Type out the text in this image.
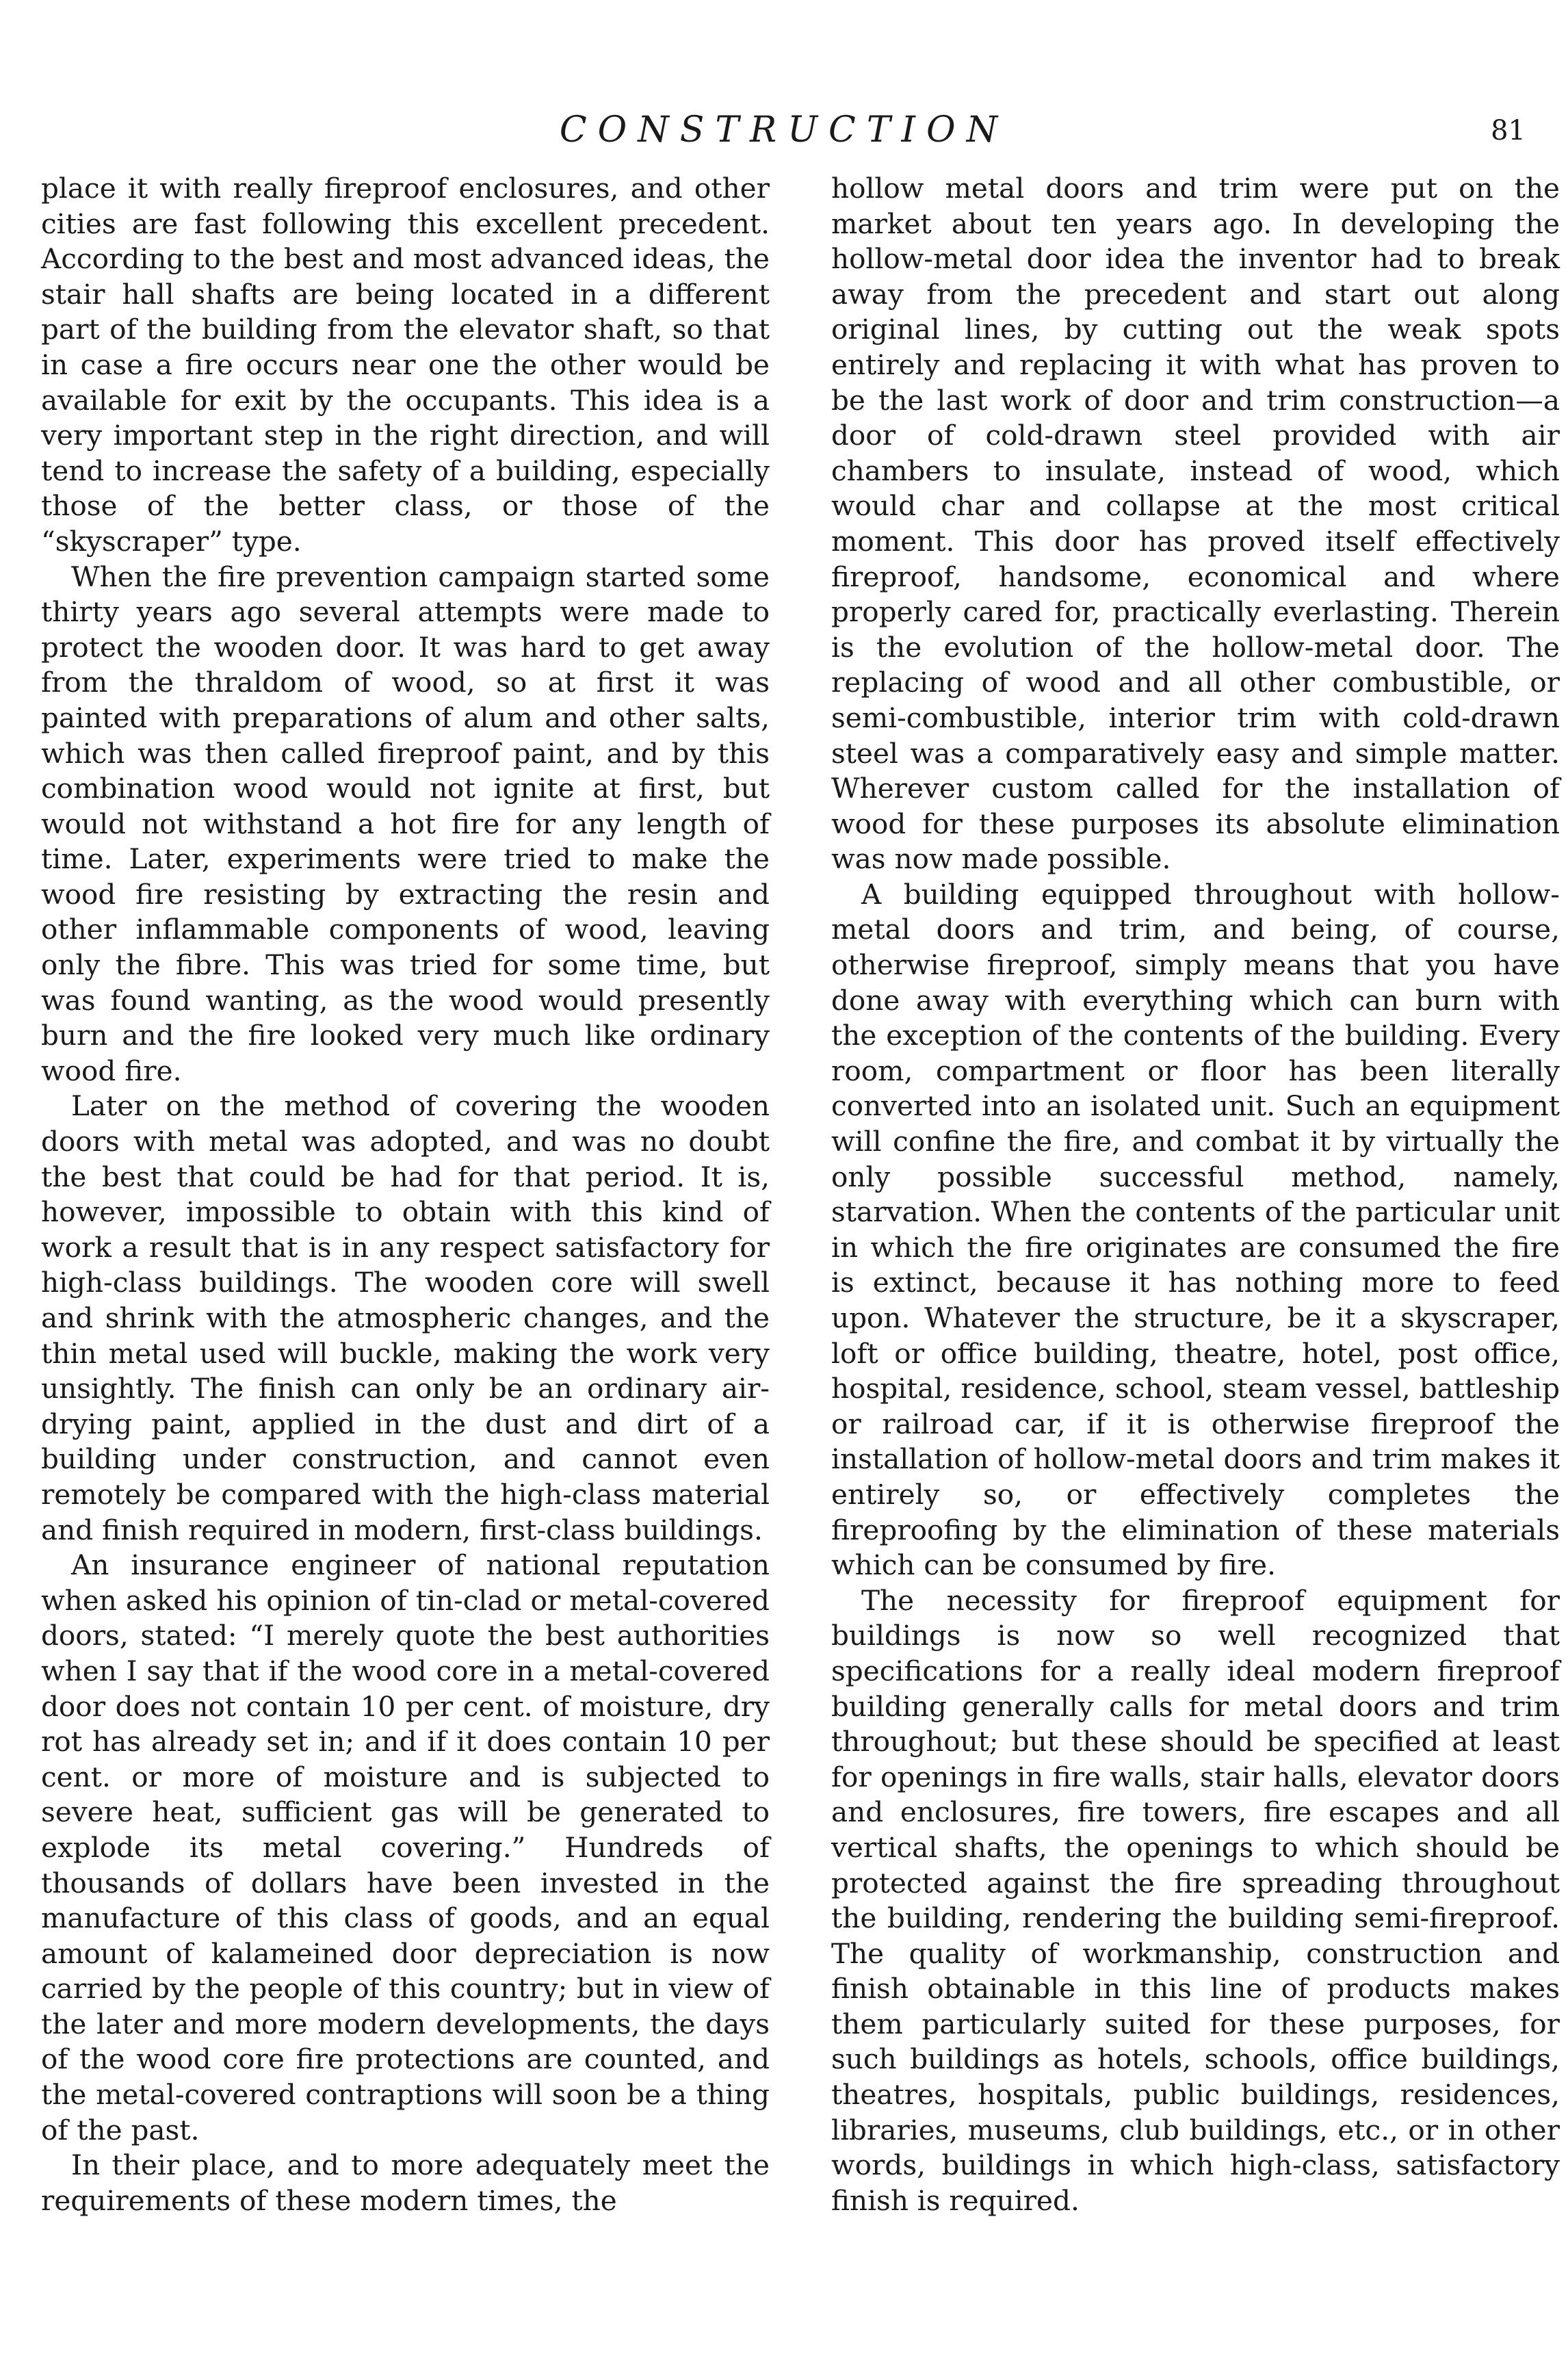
CONSTRUCTION	81

place it with really fireproof enclosures, and other cities are fast following this excellent precedent. According to the best and most advanced ideas, the stair hall shafts are being located in a different part of the building from the elevator shaft, so that in case a fire occurs near one the other would be available for exit by the occupants. This idea is a very important step in the right direction, and will tend to increase the safety of a building, especially those of the better class, or those of the “skyscraper” type.

When the fire prevention campaign started some thirty years ago several attempts were made to protect the wooden door. It was hard to get away from the thraldom of wood, so at first it was painted with preparations of alum and other salts, which was then called fireproof paint, and by this combination wood would not ignite at first, but would not withstand a hot fire for any length of time. Later, experiments were tried to make the wood fire resisting by extracting the resin and other inflammable components of wood, leaving only the fibre. This was tried for some time, but was found wanting, as the wood would presently burn and the fire looked very much like ordinary wood fire.

Later on the method of covering the wooden doors with metal was adopted, and was no doubt the best that could be had for that period. It is, however, impossible to obtain with this kind of work a result that is in any respect satisfactory for high-class buildings. The wooden core will swell and shrink with the atmospheric changes, and the thin metal used will buckle, making the work very unsightly. The finish can only be an ordinary air-drying paint, applied in the dust and dirt of a building under construction, and cannot even remotely be compared with the high-class material and finish required in modern, first-class buildings.

An insurance engineer of national reputation when asked his opinion of tin-clad or metal-covered doors, stated: “I merely quote the best authorities when I say that if the wood core in a metal-covered door does not contain 10 per cent. of moisture, dry rot has already set in; and if it does contain 10 per cent. or more of moisture and is subjected to severe heat, sufficient gas will be generated to explode its metal covering.” Hundreds of thousands of dollars have been invested in the manufacture of this class of goods, and an equal amount of kalameined door depreciation is now carried by the people of this country; but in view of the later and more modern developments, the days of the wood core fire protections are counted, and the metal-covered contraptions will soon be a thing of the past.

In their place, and to more adequately meet the requirements of these modern times, the

hollow metal doors and trim were put on the market about ten years ago. In developing the hollow-metal door idea the inventor had to break away from the precedent and start out along original lines, by cutting out the weak spots entirely and replacing it with what has proven to be the last work of door and trim construction—a door of cold-drawn steel provided with air chambers to insulate, instead of wood, which would char and collapse at the most critical moment. This door has proved itself effectively fireproof, handsome, economical and where properly cared for, practically everlasting. Therein is the evolution of the hollow-metal door. The replacing of wood and all other combustible, or semi-combustible, interior trim with cold-drawn steel was a comparatively easy and simple matter. Wherever custom called for the installation of wood for these purposes its absolute elimination was now made possible.

A building equipped throughout with hollow-metal doors and trim, and being, of course, otherwise fireproof, simply means that you have done away with everything which can burn with the exception of the contents of the building. Every room, compartment or floor has been literally converted into an isolated unit. Such an equipment will confine the fire, and combat it by virtually the only possible successful method, namely, starvation. When the contents of the particular unit in which the fire originates are consumed the fire is extinct, because it has nothing more to feed upon. Whatever the structure, be it a skyscraper, loft or office building, theatre, hotel, post office, hospital, residence, school, steam vessel, battleship or railroad car, if it is otherwise fireproof the installation of hollow-metal doors and trim makes it entirely so, or effectively completes the fireproofing by the elimination of these materials which can be consumed by fire.

The necessity for fireproof equipment for buildings is now so well recognized that specifications for a really ideal modern fireproof building generally calls for metal doors and trim throughout; but these should be specified at least for openings in fire walls, stair halls, elevator doors and enclosures, fire towers, fire escapes and all vertical shafts, the openings to which should be protected against the fire spreading throughout the building, rendering the building semi-fireproof. The quality of workmanship, construction and finish obtainable in this line of products makes them particularly suited for these purposes, for such buildings as hotels, schools, office buildings, theatres, hospitals, public buildings, residences, libraries, museums, club buildings, etc., or in other words, buildings in which high-class, satisfactory finish is required.
